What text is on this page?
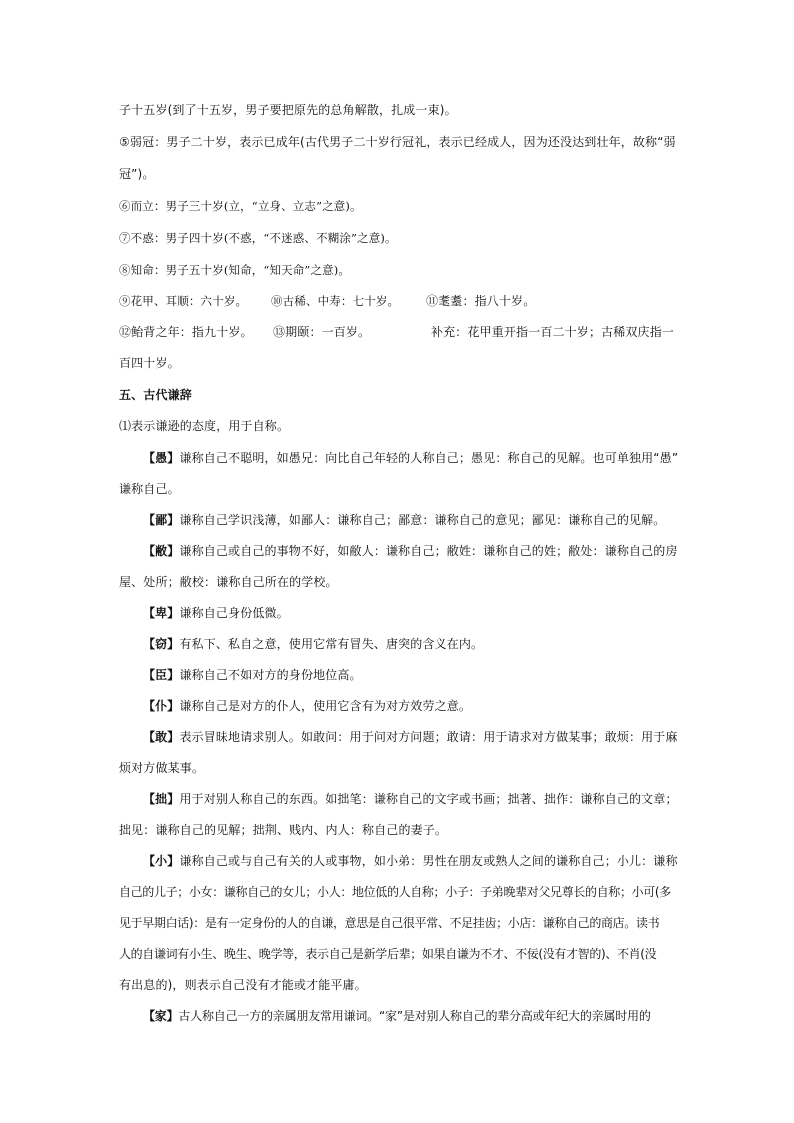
子十五岁(到了十五岁，男子要把原先的总角解散，扎成一束)。
⑤弱冠：男子二十岁，表示已成年(古代男子二十岁行冠礼，表示已经成人，因为还没达到壮年，故称“弱
冠”)。
⑥而立：男子三十岁(立，“立身、立志”之意)。
⑦不惑：男子四十岁(不惑，“不迷惑、不糊涂”之意)。
⑧知命：男子五十岁(知命，“知天命”之意)。
⑨花甲、耳顺：六十岁。 ⑩古稀、中寿：七十岁。 ⑪耄耋：指八十岁。
⑫鲐背之年：指九十岁。 ⑬期颐：一百岁。	补充：花甲重开指一百二十岁；古稀双庆指一
百四十岁。
五、古代谦辞
⑴表示谦逊的态度，用于自称。
【愚】谦称自己不聪明，如愚兄：向比自己年轻的人称自己；愚见：称自己的见解。也可单独用“愚”
谦称自己。
【鄙】谦称自己学识浅薄，如鄙人：谦称自己；鄙意：谦称自己的意见；鄙见：谦称自己的见解。
【敝】谦称自己或自己的事物不好，如敝人：谦称自己；敝姓：谦称自己的姓；敝处：谦称自己的房
屋、处所；敝校：谦称自己所在的学校。
【卑】谦称自己身份低微。
【窃】有私下、私自之意，使用它常有冒失、唐突的含义在内。
【臣】谦称自己不如对方的身份地位高。
【仆】谦称自己是对方的仆人，使用它含有为对方效劳之意。
【敢】表示冒昧地请求别人。如敢问：用于问对方问题；敢请：用于请求对方做某事；敢烦：用于麻
烦对方做某事。
【拙】用于对别人称自己的东西。如拙笔：谦称自己的文字或书画；拙著、拙作：谦称自己的文章；
拙见：谦称自己的见解；拙荆、贱内、内人：称自己的妻子。
【小】谦称自己或与自己有关的人或事物，如小弟：男性在朋友或熟人之间的谦称自己；小儿：谦称
自己的儿子；小女：谦称自己的女儿；小人：地位低的人自称；小子：子弟晚辈对父兄尊长的自称；小可(多
见于早期白话)：是有一定身份的人的自谦，意思是自己很平常、不足挂齿；小店：谦称自己的商店。读书
人的自谦词有小生、晚生、晚学等，表示自己是新学后辈；如果自谦为不才、不佞(没有才智的)、不肖(没
有出息的)，则表示自己没有才能或才能平庸。
【家】古人称自己一方的亲属朋友常用谦词。“家”是对别人称自己的辈分高或年纪大的亲属时用的
